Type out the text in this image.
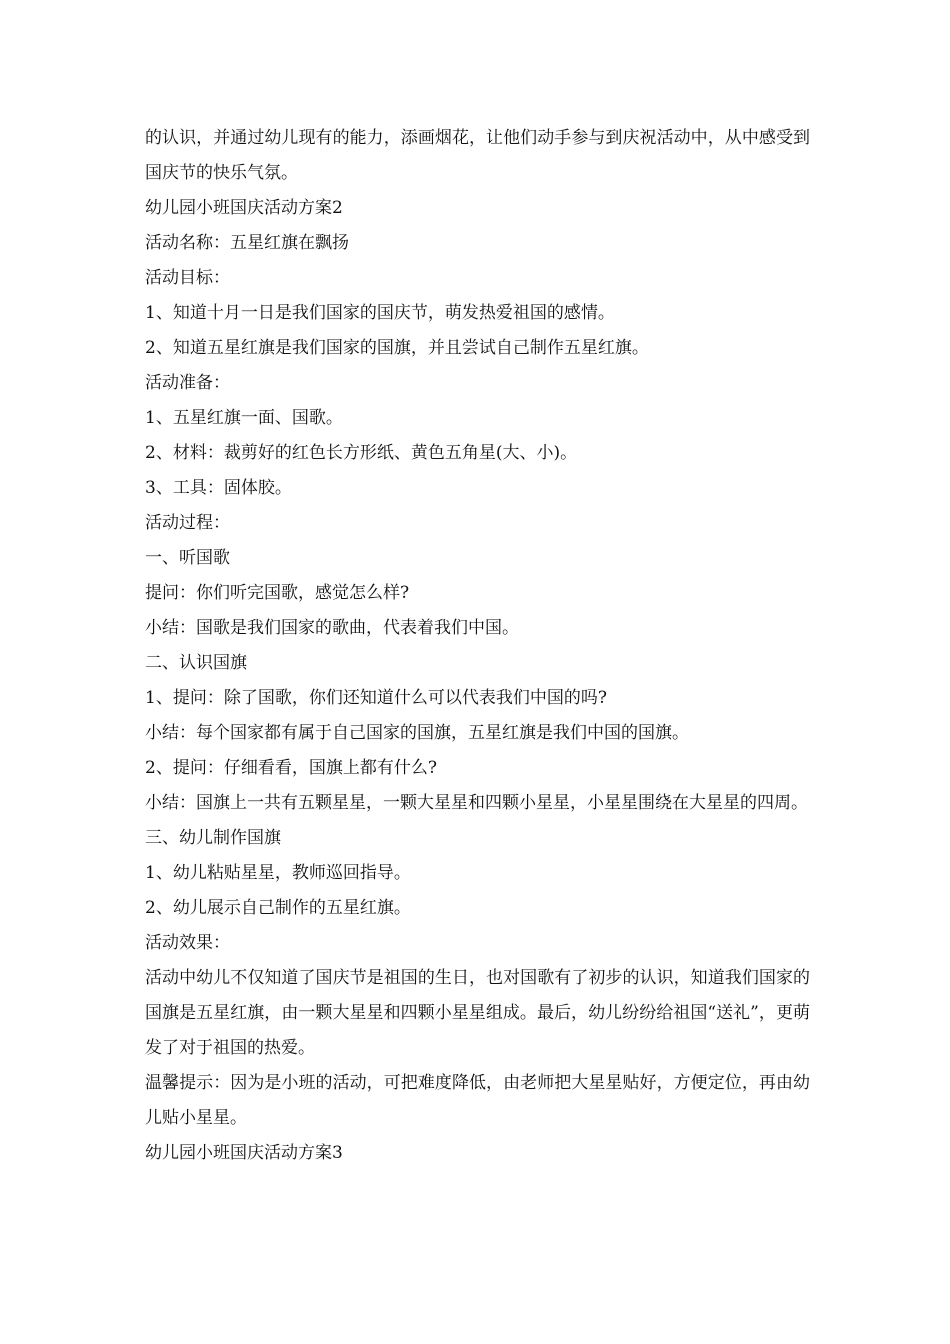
的认识，并通过幼儿现有的能力，添画烟花，让他们动手参与到庆祝活动中，从中感受到国庆节的快乐气氛。

幼儿园小班国庆活动方案2

活动名称：五星红旗在飘扬

活动目标：

1、知道十月一日是我们国家的国庆节，萌发热爱祖国的感情。

2、知道五星红旗是我们国家的国旗，并且尝试自己制作五星红旗。

活动准备：

1、五星红旗一面、国歌。

2、材料：裁剪好的红色长方形纸、黄色五角星(大、小)。

3、工具：固体胶。

活动过程：

一、听国歌

提问：你们听完国歌，感觉怎么样?

小结：国歌是我们国家的歌曲，代表着我们中国。

二、认识国旗

1、提问：除了国歌，你们还知道什么可以代表我们中国的吗?

小结：每个国家都有属于自己国家的国旗，五星红旗是我们中国的国旗。

2、提问：仔细看看，国旗上都有什么?

小结：国旗上一共有五颗星星，一颗大星星和四颗小星星，小星星围绕在大星星的四周。

三、幼儿制作国旗

1、幼儿粘贴星星，教师巡回指导。

2、幼儿展示自己制作的五星红旗。

活动效果：

活动中幼儿不仅知道了国庆节是祖国的生日，也对国歌有了初步的认识，知道我们国家的国旗是五星红旗，由一颗大星星和四颗小星星组成。最后，幼儿纷纷给祖国“送礼”，更萌发了对于祖国的热爱。

温馨提示：因为是小班的活动，可把难度降低，由老师把大星星贴好，方便定位，再由幼儿贴小星星。

幼儿园小班国庆活动方案3
